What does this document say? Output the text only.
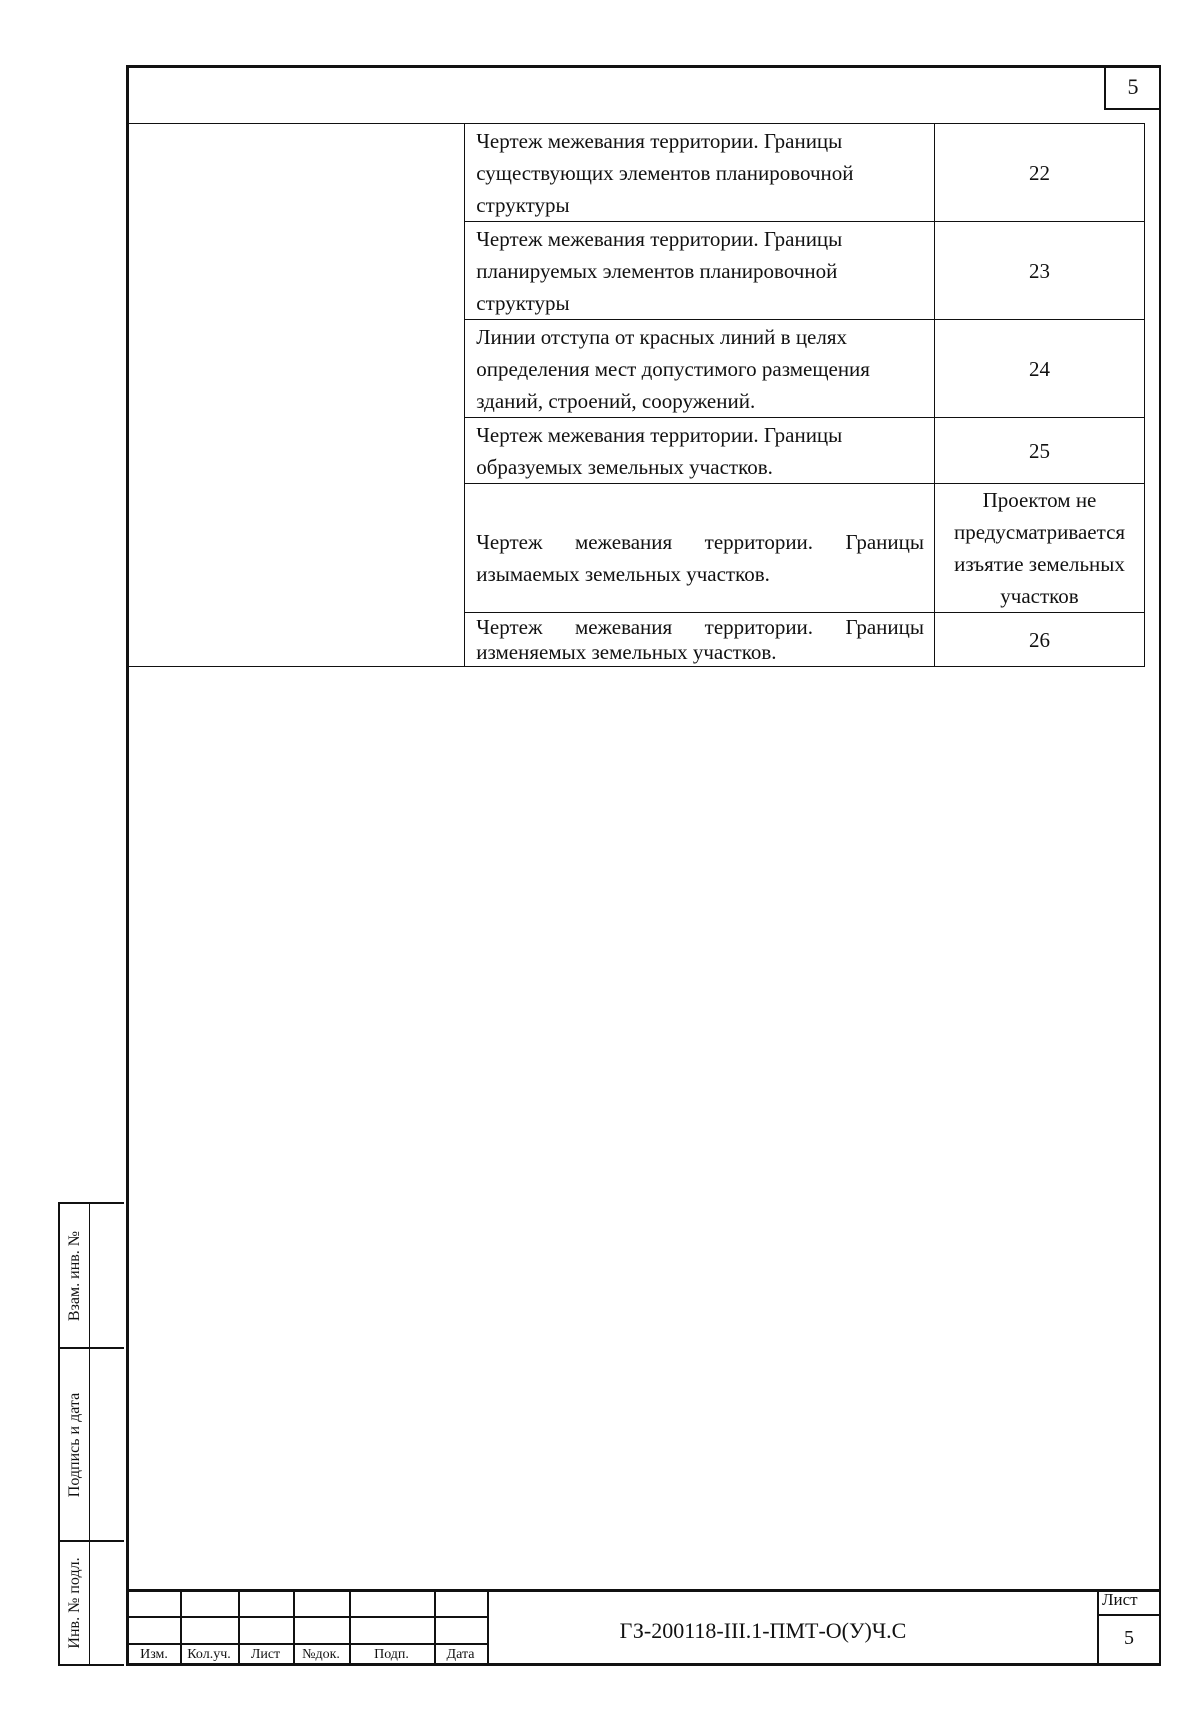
5
	Чертеж межевания территории. Границы существующих элементов планировочной структуры	22
	Чертеж межевания территории. Границы планируемых элементов планировочной структуры	23
	Линии отступа от красных линий в целях определения мест допустимого размещения зданий, строений, сооружений.	24
	Чертеж межевания территории. Границы образуемых земельных участков.	25
	Чертеж межевания территории. Границы изымаемых земельных участков.	Проектом не предусматривается изъятие земельных участков
	Чертеж межевания территории. Границы изменяемых земельных участков.	26
Взам. инв. №
Подпись и дата
Инв. № подл.
Изм.	Кол.уч.	Лист	№док.	Подп.	Дата
ГЗ-200118-III.1-ПМТ-О(У)Ч.С
Лист
5
